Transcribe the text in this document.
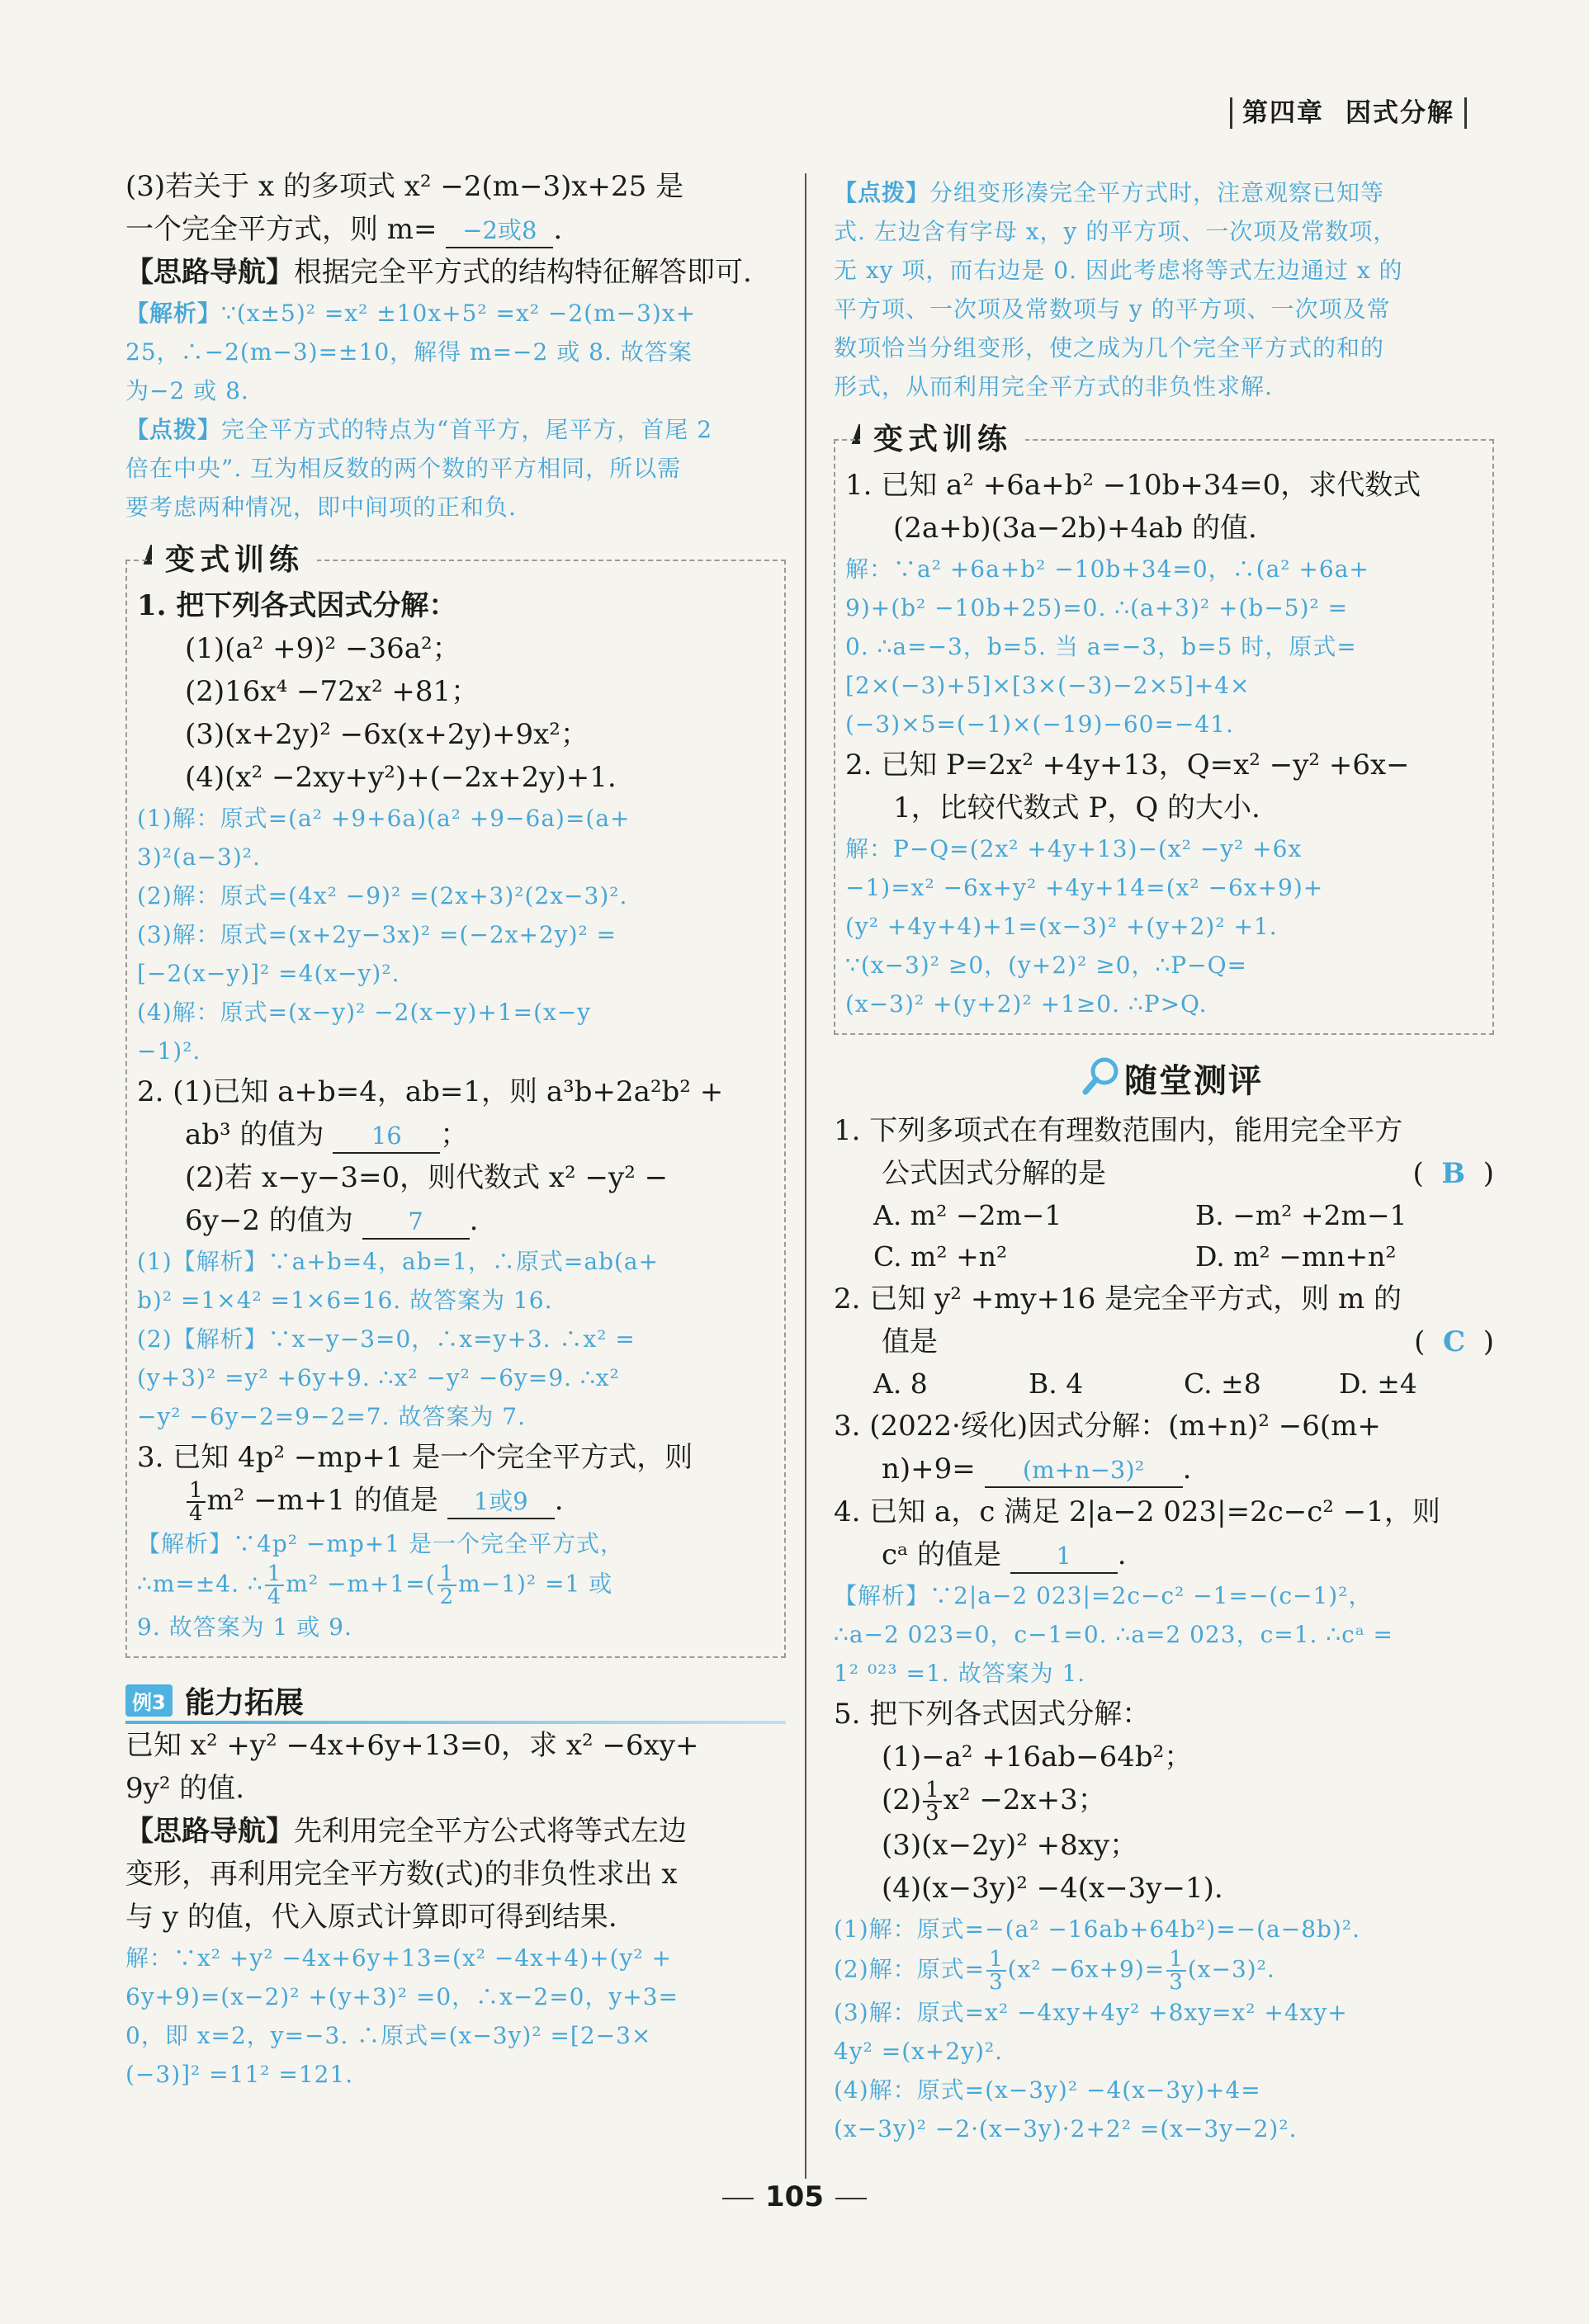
第四章 因式分解

(3)若关于 x 的多项式 x² −2(m−3)x+25 是

一个完全平方式，则 m= −2或8 .

【思路导航】根据完全平方式的结构特征解答即可.

【解析】∵(x±5)² =x² ±10x+5² =x² −2(m−3)x+
25，∴−2(m−3)=±10，解得 m=−2 或 8. 故答案
为−2 或 8.

【点拨】完全平方式的特点为“首平方，尾平方，首尾 2
倍在中央”. 互为相反数的两个数的平方相同，所以需
要考虑两种情况，即中间项的正和负.

变式训练

1. 把下列各式因式分解：

(1)(a² +9)² −36a²；

(2)16x⁴ −72x² +81；

(3)(x+2y)² −6x(x+2y)+9x²；

(4)(x² −2xy+y²)+(−2x+2y)+1.

(1)解：原式=(a² +9+6a)(a² +9−6a)=(a+
3)²(a−3)².
(2)解：原式=(4x² −9)² =(2x+3)²(2x−3)².
(3)解：原式=(x+2y−3x)² =(−2x+2y)² =
[−2(x−y)]² =4(x−y)².
(4)解：原式=(x−y)² −2(x−y)+1=(x−y
−1)².

2. (1)已知 a+b=4，ab=1，则 a³b+2a²b² +

ab³ 的值为 16 ；

(2)若 x−y−3=0，则代数式 x² −y² −

6y−2 的值为 7 .

(1)【解析】∵a+b=4，ab=1，∴原式=ab(a+
b)² =1×4² =1×6=16. 故答案为 16.
(2)【解析】∵x−y−3=0，∴x=y+3. ∴x² =
(y+3)² =y² +6y+9. ∴x² −y² −6y=9. ∴x²
−y² −6y−2=9−2=7. 故答案为 7.

3. 已知 4p² −mp+1 是一个完全平方式，则

$\frac{1}{4} m^2 -m+1$ 的值是 1或9 .

【解析】∵4p² −mp+1 是一个完全平方式，
∴m=±4. ∴ $\frac{1}{4} m^2 -m+1=( \frac{1}{2} m-1)^2 =1$ 或
9. 故答案为 1 或 9.

例3 能力拓展

已知 x² +y² −4x+6y+13=0，求 x² −6xy+

9y² 的值.

【思路导航】先利用完全平方公式将等式左边
变形，再利用完全平方数(式)的非负性求出 x
与 y 的值，代入原式计算即可得到结果.

解：∵x² +y² −4x+6y+13=(x² −4x+4)+(y² +
6y+9)=(x−2)² +(y+3)² =0，∴x−2=0，y+3=
0，即 x=2，y=−3. ∴原式=(x−3y)² =[2−3×
(−3)]² =11² =121.

【点拨】分组变形凑完全平方式时，注意观察已知等
式. 左边含有字母 x，y 的平方项、一次项及常数项，
无 xy 项，而右边是 0. 因此考虑将等式左边通过 x 的
平方项、一次项及常数项与 y 的平方项、一次项及常
数项恰当分组变形，使之成为几个完全平方式的和的
形式，从而利用完全平方式的非负性求解.

变式训练

1. 已知 a² +6a+b² −10b+34=0，求代数式

(2a+b)(3a−2b)+4ab 的值.

解：∵a² +6a+b² −10b+34=0，∴(a² +6a+
9)+(b² −10b+25)=0. ∴(a+3)² +(b−5)² =
0. ∴a=−3，b=5. 当 a=−3，b=5 时，原式=
[2×(−3)+5]×[3×(−3)−2×5]+4×
(−3)×5=(−1)×(−19)−60=−41.

2. 已知 P=2x² +4y+13，Q=x² −y² +6x−

1，比较代数式 P，Q 的大小.

解：P−Q=(2x² +4y+13)−(x² −y² +6x
−1)=x² −6x+y² +4y+14=(x² −6x+9)+
(y² +4y+4)+1=(x−3)² +(y+2)² +1.
∵(x−3)² ≥0，(y+2)² ≥0，∴P−Q=
(x−3)² +(y+2)² +1≥0. ∴P>Q.

随堂测评

1. 下列多项式在有理数范围内，能用完全平方

公式因式分解的是	(  B  )

A. m² −2m−1	B. −m² +2m−1
C. m² +n²	D. m² −mn+n²

2. 已知 y² +my+16 是完全平方式，则 m 的

值是	(  C  )

A. 8	B. 4	C. ±8	D. ±4

3. (2022·绥化)因式分解：(m+n)² −6(m+

n)+9= (m+n−3)² .

4. 已知 a，c 满足 2|a−2 023|=2c−c² −1，则

cᵃ 的值是 1 .

【解析】∵2|a−2 023|=2c−c² −1=−(c−1)²，
∴a−2 023=0，c−1=0. ∴a=2 023，c=1. ∴cᵃ =
1² ⁰²³ =1. 故答案为 1.

5. 把下列各式因式分解：

(1)−a² +16ab−64b²；

$(2) \frac{1}{3} x^2 -2x+3$；

(3)(x−2y)² +8xy；

(4)(x−3y)² −4(x−3y−1).

(1)解：原式=−(a² −16ab+64b²)=−(a−8b)².
(2)解：原式= $\frac{1}{3} (x^2 -6x+9)= \frac{1}{3} (x-3)^2$.
(3)解：原式=x² −4xy+4y² +8xy=x² +4xy+
4y² =(x+2y)².
(4)解：原式=(x−3y)² −4(x−3y)+4=
(x−3y)² −2·(x−3y)·2+2² =(x−3y−2)².

105
